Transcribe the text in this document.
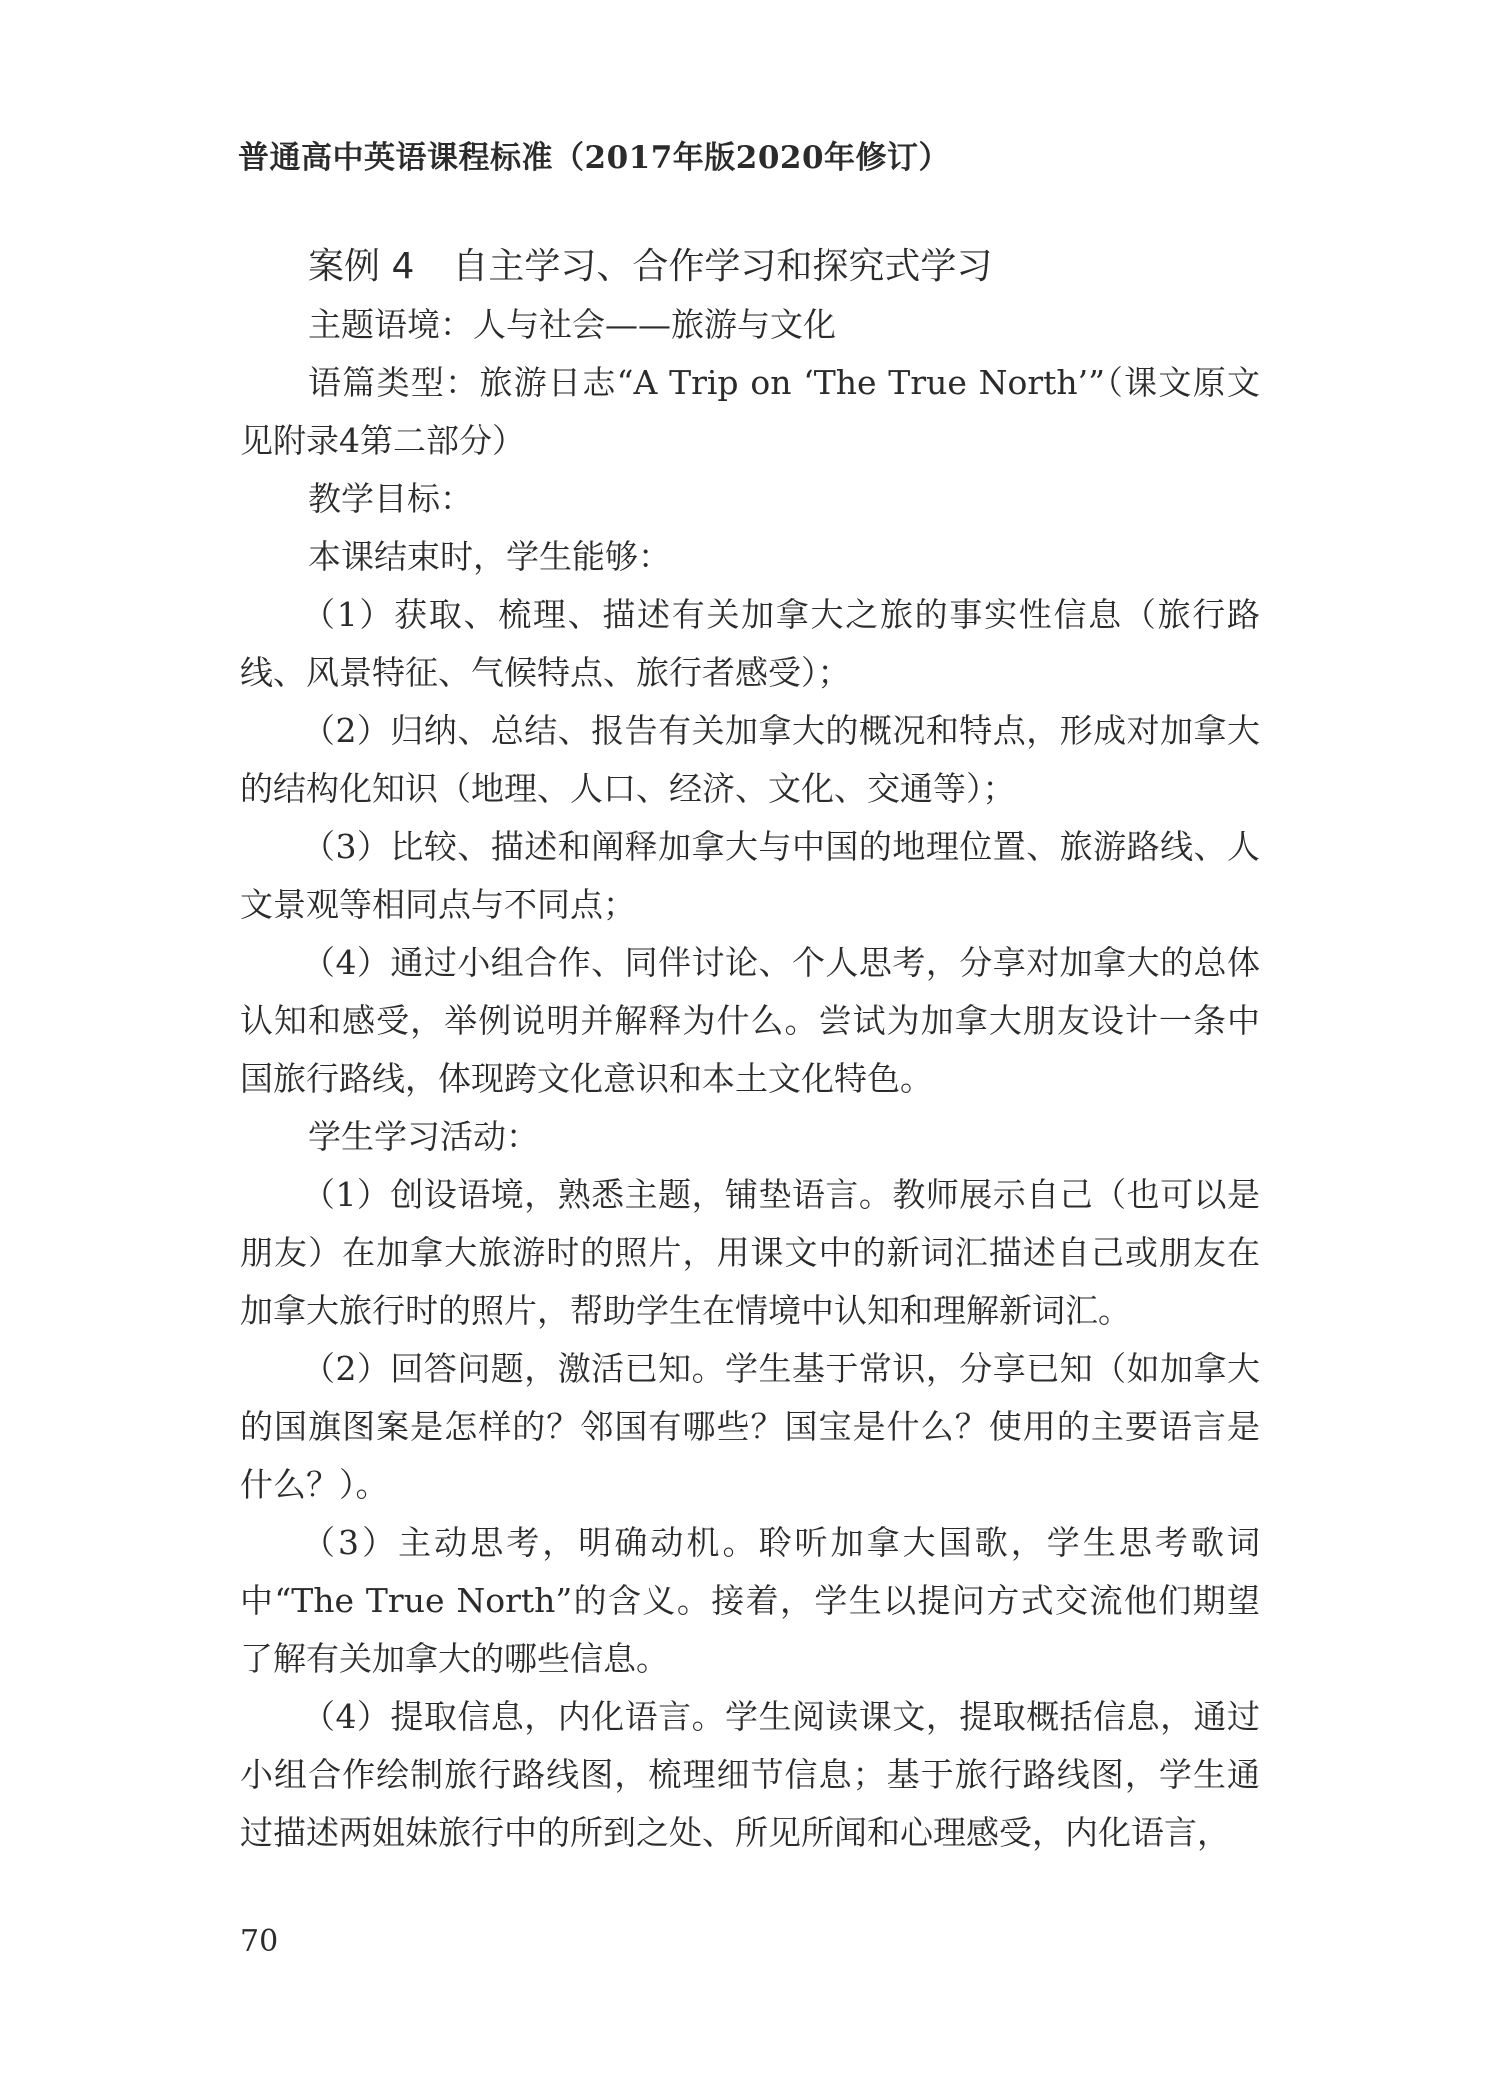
普通高中英语课程标准（2017年版2020年修订）
案例 4 自主学习、合作学习和探究式学习

主题语境：人与社会——旅游与文化

语篇类型：旅游日志“A Trip on ‘The True North’”（课文原文见附录4第二部分）

教学目标：

本课结束时，学生能够：

（1）获取、梳理、描述有关加拿大之旅的事实性信息（旅行路线、风景特征、气候特点、旅行者感受）；

（2）归纳、总结、报告有关加拿大的概况和特点，形成对加拿大的结构化知识（地理、人口、经济、文化、交通等）；

（3）比较、描述和阐释加拿大与中国的地理位置、旅游路线、人文景观等相同点与不同点；

（4）通过小组合作、同伴讨论、个人思考，分享对加拿大的总体认知和感受，举例说明并解释为什么。尝试为加拿大朋友设计一条中国旅行路线，体现跨文化意识和本土文化特色。

学生学习活动：

（1）创设语境，熟悉主题，铺垫语言。教师展示自己（也可以是朋友）在加拿大旅游时的照片，用课文中的新词汇描述自己或朋友在加拿大旅行时的照片，帮助学生在情境中认知和理解新词汇。

（2）回答问题，激活已知。学生基于常识，分享已知（如加拿大的国旗图案是怎样的？邻国有哪些？国宝是什么？使用的主要语言是什么？）。

（3）主动思考，明确动机。聆听加拿大国歌，学生思考歌词中“The True North”的含义。接着，学生以提问方式交流他们期望了解有关加拿大的哪些信息。

（4）提取信息，内化语言。学生阅读课文，提取概括信息，通过小组合作绘制旅行路线图，梳理细节信息；基于旅行路线图，学生通过描述两姐妹旅行中的所到之处、所见所闻和心理感受，内化语言，

70
